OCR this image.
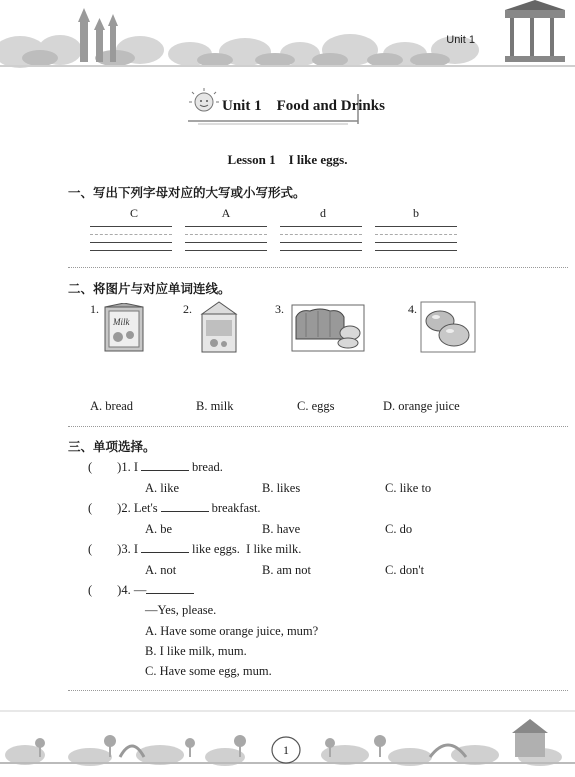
Unit 1
Unit 1    Food and Drinks
Lesson 1    I like eggs.
一、写出下列字母对应的大写或小写形式。
C	A	d	b
二、将图片与对应单词连线。
1.
Milk
2.	3.	4.
A. bread	B. milk	C. eggs	D. orange juice
三、单项选择。
(        )1. I	bread.
A. like	B. likes	C. like to
(        )2. Let's	breakfast.
A. be	B. have	C. do
(        )3. I	like eggs.  I like milk.
A. not	B. am not	C. don't
(        )4. —
—Yes, please.
A. Have some orange juice, mum?
B. I like milk, mum.
C. Have some egg, mum.
1
